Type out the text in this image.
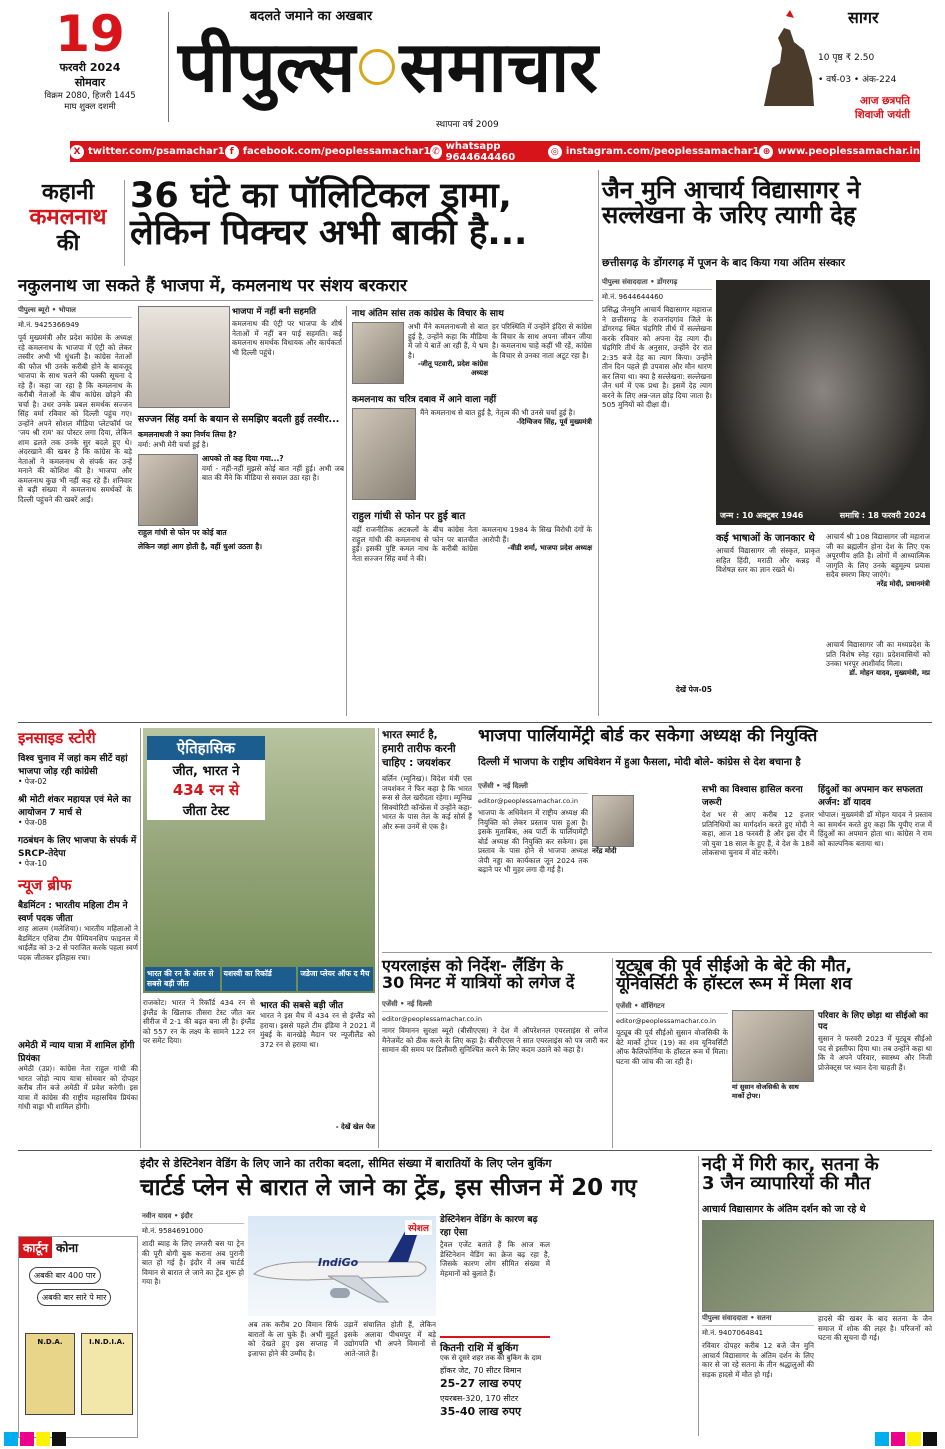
19
फरवरी 2024
सोमवार
विक्रम 2080, हिजरी 1445
माघ शुक्ल दशमी
बदलते जमाने का अखबार
पीपुल्स समाचार
स्थापना वर्ष 2009
आज छत्रपति
शिवाजी जयंती
सागर
10 पृष्ठ ₹ 2.50
• वर्ष-03 • अंक-224
X twitter.com/psamachar1 f facebook.com/peoplessamachar1 ✆ whatsapp 9644644460	◎ instagram.com/peoplessamachar1 ⊕ www.peoplessamachar.in
कहानी
कमलनाथ
की
36 घंटे का पॉलिटिकल ड्रामा,
लेकिन पिक्चर अभी बाकी है...
नकुलनाथ जा सकते हैं भाजपा में, कमलनाथ पर संशय बरकरार
पीपुल्स ब्यूरो • भोपाल
मो.नं. 9425366949
पूर्व मुख्यमंत्री और प्रदेश कांग्रेस के अध्यक्ष रहे कमलनाथ के भाजपा में एंट्री को लेकर तस्वीर अभी भी धुंधली है। कांग्रेस नेताओं की फौज भी उनके करीबी होने के बावजूद भाजपा के साथ चलने की पक्की सूचना दे रहे हैं। कहा जा रहा है कि कमलनाथ के करीबी नेताओं के बीच कांग्रेस छोड़ने की चर्चा है। उधर उनके प्रबल समर्थक सज्जन सिंह वर्मा रविवार को दिल्ली पहुंच गए। उन्होंने अपने सोशल मीडिया प्लेटफॉर्म पर 'जय श्री राम' का पोस्टर लगा दिया, लेकिन शाम ढलते तक उनके सुर बदले हुए थे। अंदरखाने की खबर है कि कांग्रेस के बड़े नेताओं ने कमलनाथ से संपर्क कर उन्हें मनाने की कोशिश की है। भाजपा और कमलनाथ कुछ भी नहीं कह रहे हैं। शनिवार से बड़ी संख्या में कमलनाथ समर्थकों के दिल्ली पहुंचने की खबरें आईं।
भाजपा में नहीं बनी सहमति
कमलनाथ की एंट्री पर भाजपा के शीर्ष नेताओं में नहीं बन पाई सहमति। कई कमलनाथ समर्थक विधायक और कार्यकर्ता भी दिल्ली पहुंचे।
सज्जन सिंह वर्मा के बयान से समझिए बदली हुई तस्वीर...
कमलनाथजी ने क्या निर्णय लिया है?
वर्मा: अभी मेरी चर्चा हुई है।
आपको तो कह दिया गया...?
वर्मा - नहीं-नहीं मुझसे कोई बात नहीं हुई। अभी जब बात की मैंने कि मीडिया से सवाल उठा रहा है।
राहुल गांधी से फोन पर कोई बात
लेकिन जहां आग होती है, वहीं धुआं उठता है।
नाथ अंतिम सांस तक कांग्रेस के विचार के साथ
अभी मैंने कमलनाथजी से बात हुई है, उन्होंने कहा कि मीडिया में जो ये बातें आ रही हैं, ये भ्रम है।
-जीतू पटवारी, प्रदेश कांग्रेस अध्यक्ष
हर परिस्थिति में उन्होंने इंदिरा से कांग्रेस के विचार के साथ अपना जीवन जीया है। कमलनाथ चाहे कहीं भी रहें, कांग्रेस के विचार से उनका नाता अटूट रहा है।
कमलनाथ का चरित्र दबाव में आने वाला नहीं
मैंने कमलनाथ से बात हुई है, नेतृत्व की भी उनसे चर्चा हुई है।
-दिग्विजय सिंह, पूर्व मुख्यमंत्री
राहुल गांधी से फोन पर हुई बात
वहीं राजनीतिक अटकलों के बीच कांग्रेस नेता राहुल गांधी की कमलनाथ से फोन पर बातचीत हुई। इसकी पुष्टि कमल नाथ के करीबी कांग्रेस नेता सज्जन सिंह वर्मा ने की।
कमलनाथ 1984 के सिख विरोधी दंगों के आरोपी हैं।
-वीडी शर्मा, भाजपा प्रदेश अध्यक्ष
जैन मुनि आचार्य विद्यासागर ने
सल्लेखना के जरिए त्यागी देह
छत्तीसगढ़ के डोंगरगढ़ में पूजन के बाद किया गया अंतिम संस्कार
पीपुल्स संवाददाता • डोंगरगढ़
मो.नं. 9644644460
प्रसिद्ध जैनमुनि आचार्य विद्यासागर महाराज ने छत्तीसगढ़ के राजनांदगांव जिले के डोंगरगढ़ स्थित चंद्रगिरि तीर्थ में सल्लेखना करके रविवार को अपना देह त्याग दी। चंद्रगिरि तीर्थ के अनुसार, उन्होंने देर रात 2:35 बजे देह का त्याग किया। उन्होंने तीन दिन पहले ही उपवास और मौन धारण कर लिया था। क्या है सल्लेखना: सल्लेखना जैन धर्म में एक प्रथा है। इसमें देह त्याग करने के लिए अन्न-जल छोड़ दिया जाता है। 505 मुनियों को दीक्षा दी।
देखें पेज-05
जन्म : 10 अक्टूबर 1946	समाधि : 18 फरवरी 2024
कई भाषाओं के जानकार थे
आचार्य विद्यासागर जी संस्कृत, प्राकृत सहित हिंदी, मराठी और कन्नड़ में विशेषज्ञ स्तर का ज्ञान रखते थे।
आचार्य श्री 108 विद्यासागर जी महाराज जी का ब्रह्मलीन होना देश के लिए एक अपूरणीय क्षति है। लोगों में आध्यात्मिक जागृति के लिए उनके बहुमूल्य प्रयास सदैव स्मरण किए जाएंगे।
नरेंद्र मोदी, प्रधानमंत्री
आचार्य विद्यासागर जी का मध्यप्रदेश के प्रति विशेष स्नेह रहा। प्रदेशवासियों को उनका भरपूर आशीर्वाद मिला।
डॉ. मोहन यादव, मुख्यमंत्री, मप्र
इनसाइड स्टोरी
विश्व चुनाव में जहां कम सीटें वहां भाजपा जोड़ रही कांग्रेसी
• पेज-02
श्री मोटी शंकर महायज्ञ एवं मेले का आयोजन 7 मार्च से
• पेज-08
गठबंधन के लिए भाजपा के संपर्क में SRCP-तेदेपा
• पेज-10
न्यूज ब्रीफ
बैडमिंटन : भारतीय महिला टीम ने स्वर्ण पदक जीता
शाह आलम (मलेशिया)। भारतीय महिलाओं ने बैडमिंटन एशिया टीम चैम्पियनशिप फाइनल में थाईलैंड को 3-2 से पराजित करके पहला स्वर्ण पदक जीतकर इतिहास रचा।
अमेठी में न्याय यात्रा में शामिल होंगी प्रियंका
अमेठी (उप्र)। कांग्रेस नेता राहुल गांधी की भारत जोड़ो न्याय यात्रा सोमवार को दोपहर करीब तीन बजे अमेठी में प्रवेश करेगी। इस यात्रा में कांग्रेस की राष्ट्रीय महासचिव प्रियंका गांधी वाड्रा भी शामिल होंगी।
ऐतिहासिक
जीत, भारत ने
434 रन से
जीता टेस्ट
भारत की रन के अंतर से सबसे बड़ी जीत
यशस्वी का रिकॉर्ड	जडेजा प्लेयर ऑफ द मैच
राजकोट। भारत ने रिकॉर्ड 434 रन से इंग्लैंड के खिलाफ तीसरा टेस्ट जीत कर सीरीज में 2-1 की बढ़त बना ली है। इंग्लैंड को 557 रन के लक्ष्य के सामने 122 रन पर समेट दिया।
भारत की सबसे बड़ी जीत
भारत ने इस मैच में 434 रन से इंग्लैंड को हराया। इससे पहले टीम इंडिया ने 2021 में मुंबई के वानखेड़े मैदान पर न्यूजीलैंड को 372 रन से हराया था।
- देखें खेल पेज
भारत स्मार्ट है,
हमारी तारीफ करनी
चाहिए : जयशंकर
बर्लिन (म्यूनिख)। विदेश मंत्री एस जयशंकर ने फिर कहा है कि भारत रूस से तेल खरीदता रहेगा। म्यूनिख सिक्योरिटी कॉन्फ्रेंस में उन्होंने कहा- भारत के पास तेल के कई सोर्स हैं और रूस उनमें से एक है।
भाजपा पार्लियामेंट्री बोर्ड कर सकेगा अध्यक्ष की नियुक्ति
दिल्ली में भाजपा के राष्ट्रीय अधिवेशन में हुआ फैसला, मोदी बोले- कांग्रेस से देश बचाना है
एजेंसी • नई दिल्ली
editor@peoplessamachar.co.in
भाजपा के अधिवेशन में राष्ट्रीय अध्यक्ष की नियुक्ति को लेकर प्रस्ताव पास हुआ है। इसके मुताबिक, अब पार्टी के पार्लियामेंट्री बोर्ड अध्यक्ष की नियुक्ति कर सकेगा। इस प्रस्ताव के पास होने से भाजपा अध्यक्ष जेपी नड्डा का कार्यकाल जून 2024 तक बढ़ाने पर भी मुहर लगा दी गई है।
नरेंद्र मोदी
सभी का विश्वास हासिल करना जरूरी
देश भर से आए करीब 12 हजार प्रतिनिधियों का मार्गदर्शन करते हुए मोदी ने कहा, आज 18 फरवरी है और इस दौर में जो युवा 18 साल के हुए हैं, वे देश के 18वें लोकसभा चुनाव में वोट करेंगे।
हिंदुओं का अपमान कर सफलता अर्जन: डॉ यादव
भोपाल। मुख्यमंत्री डॉ मोहन यादव ने प्रस्ताव का समर्थन करते हुए कहा कि यूपीए राज में हिंदुओं का अपमान होता था। कांग्रेस ने राम को काल्पनिक बताया था।
एयरलाइंस को निर्देश- लैंडिंग के
30 मिनट में यात्रियों को लगेज दें
एजेंसी • नई दिल्ली
editor@peoplessamachar.co.in
नागर विमानन सुरक्षा ब्यूरो (बीसीएएस) ने देश में ऑपरेशनल एयरलाइंस से लगेज मैनेजमेंट को ठीक करने के लिए कहा है। बीसीएएस ने सात एयरलाइंस को पत्र जारी कर सामान की समय पर डिलीवरी सुनिश्चित करने के लिए कदम उठाने को कहा है।
यूट्यूब की पूर्व सीईओ के बेटे की मौत,
यूनिवर्सिटी के हॉस्टल रूम में मिला शव
एजेंसी • वॉशिंगटन
editor@peoplessamachar.co.in
यूट्यूब की पूर्व सीईओ सुसान वोजसिकी के बेटे मार्को ट्रोपर (19) का शव यूनिवर्सिटी ऑफ कैलिफोर्निया के हॉस्टल रूम में मिला। घटना की जांच की जा रही है।
मां सुसान वोजसिकी के साथ मार्को ट्रोपर।
परिवार के लिए छोड़ा था सीईओ का पद
सुसान ने फरवरी 2023 में यूट्यूब सीईओ पद से इस्तीफा दिया था। तब उन्होंने कहा था कि वे अपने परिवार, स्वास्थ्य और निजी प्रोजेक्ट्स पर ध्यान देना चाहती हैं।
इंदौर से डेस्टिनेशन वेडिंग के लिए जाने का तरीका बदला, सीमित संख्या में बारातियों के लिए प्लेन बुकिंग
चार्टर्ड प्लेन से बारात ले जाने का ट्रेंड, इस सीजन में 20 गए
कार्टून कोना
अबकी बार 400 पार
अबकी बार सारे पे मार
N.D.A.	I.N.D.I.A.
नवीन यादव • इंदौर
मो.नं. 9584691000
शादी ब्याह के लिए लग्जरी बस या ट्रेन की पूरी बोगी बुक कराना अब पुरानी बात हो गई है। इंदौर में अब चार्टर्ड विमान से बारात ले जाने का ट्रेंड शुरू हो गया है।
IndiGo
स्पेशल
अब तक करीब 20 विमान सिर्फ बारातों के ला चुके हैं। अभी मुहूर्त को देखते हुए इस सप्ताह में इजाफा होने की उम्मीद है।
उड़ानें संचालित होती हैं, लेकिन इसके अलावा पीथमपुर में बड़े उद्योगपति भी अपने विमानों से आते-जाते हैं।
डेस्टिनेशन वेडिंग के कारण बढ़ रहा ऐसा
ट्रैवल एजेंट बताते हैं कि आज कल डेस्टिनेशन वेडिंग का क्रेज बढ़ रहा है, जिसके कारण लोग सीमित संख्या में मेहमानों को बुलाते हैं।
कितनी राशि में बुकिंग
एक से दूसरे शहर तक की बुकिंग के दाम
हॉकर जेट, 70 सीटर विमान
25-27 लाख रुपए
एयरबस-320, 170 सीटर
35-40 लाख रुपए
नदी में गिरी कार, सतना के
3 जैन व्यापारियों की मौत
आचार्य विद्यासागर के अंतिम दर्शन को जा रहे थे
पीपुल्स संवाददाता • सतना
मो.नं. 9407064841
रविवार दोपहर करीब 12 बजे जैन मुनि आचार्य विद्यासागर के अंतिम दर्शन के लिए कार से जा रहे सतना के तीन श्रद्धालुओं की सड़क हादसे में मौत हो गई।
हादसे की खबर के बाद सतना के जैन समाज में शोक की लहर है। परिजनों को घटना की सूचना दी गई।
